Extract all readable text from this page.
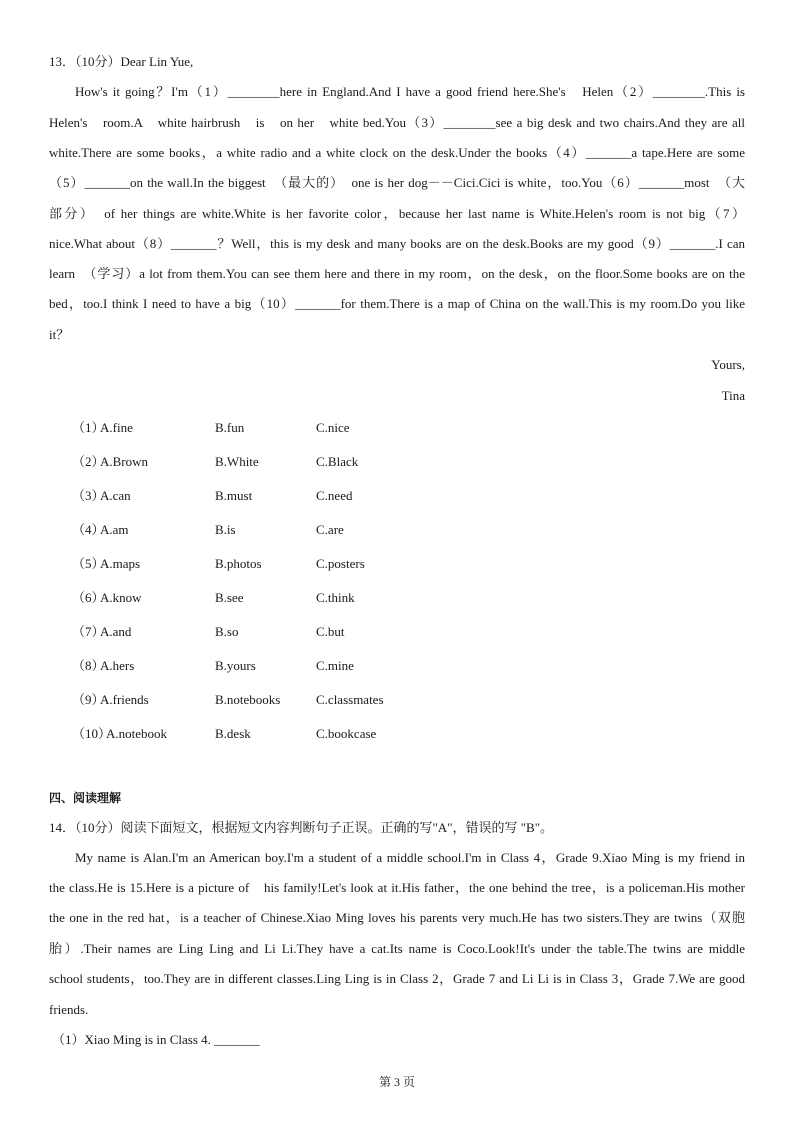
13．（10分）Dear Lin Yue,
How's it going？I'm（1）________here in England.And I have a good friend here.She's　Helen（2）________.This is
Helen's　room.A　white hairbrush　is　on her　white bed.You（3）________see a big desk and two chairs.And they are all
white.There are some books，a white radio and a white clock on the desk.Under the books（4）_______a tape.Here are some
（5）_______on the wall.In the biggest　（最大的）　one is her dog－－Cici.Cici is white，too.You（6）_______most　（大
部分）　of her things are white.White is her favorite color，because her last name is White.Helen's room is not big（7）
nice.What about（8）_______？Well，this is my desk and many books are on the desk.Books are my good（9）_______.I can
learn　（学习）a lot from them.You can see them here and there in my room，on the desk，on the floor.Some books are on the
bed，too.I think I need to have a big（10）_______for them.There is a map of China on the wall.This is my room.Do you like
it？
Yours,
Tina
（1）
A.fine	B.fun	C.nice
（2）
A.Brown	B.White	C.Black
（3）
A.can	B.must	C.need
（4）
A.am	B.is	C.are
（5）
A.maps	B.photos	C.posters
（6）
A.know	B.see	C.think
（7）
A.and	B.so	C.but
（8）
A.hers	B.yours	C.mine
（9）
A.friends	B.notebooks	C.classmates
（10）
A.notebook	B.desk	C.bookcase
四、阅读理解
14．（10分）阅读下面短文，根据短文内容判断句子正误。正确的写"A"，错误的写 "B"。
My name is Alan.I'm an American boy.I'm a student of a middle school.I'm in Class 4，Grade 9.Xiao Ming is my friend in
the class.He is 15.Here is a picture of　his family!Let's look at it.His father，the one behind the tree，is a policeman.His mother
the one in the red hat，is a teacher of Chinese.Xiao Ming loves his parents very much.He has two sisters.They are twins（双胞
胎）.Their names are Ling Ling and Li Li.They have a cat.Its name is Coco.Look!It's under the table.The twins are middle
school students，too.They are in different classes.Ling Ling is in Class 2，Grade 7 and Li Li is in Class 3，Grade 7.We are good
friends.
（1）Xiao Ming is in Class 4. _______
第 3 页
